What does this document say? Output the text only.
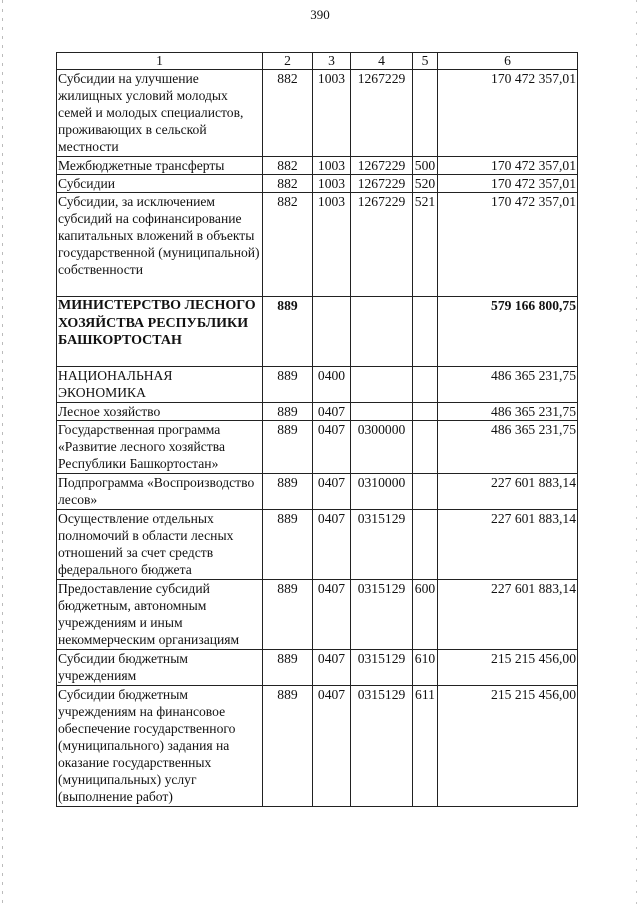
390
1	2	3	4	5	6
Субсидии на улучшение жилищных условий молодых семей и молодых специалистов, проживающих в сельской местности	882	1003	1267229		170 472 357,01
Межбюджетные трансферты	882	1003	1267229	500	170 472 357,01
Субсидии	882	1003	1267229	520	170 472 357,01
Субсидии, за исключением субсидий на софинансирование капитальных вложений в объекты государственной (муниципальной) собственности	882	1003	1267229	521	170 472 357,01
МИНИСТЕРСТВО ЛЕСНОГО ХОЗЯЙСТВА РЕСПУБЛИКИ БАШКОРТОСТАН	889				579 166 800,75
НАЦИОНАЛЬНАЯ ЭКОНОМИКА	889	0400			486 365 231,75
Лесное хозяйство	889	0407			486 365 231,75
Государственная программа «Развитие лесного хозяйства Республики Башкортостан»	889	0407	0300000		486 365 231,75
Подпрограмма «Воспроизводство лесов»	889	0407	0310000		227 601 883,14
Осуществление отдельных полномочий в области лесных отношений за счет средств федерального бюджета	889	0407	0315129		227 601 883,14
Предоставление субсидий бюджетным, автономным учреждениям и иным некоммерческим организациям	889	0407	0315129	600	227 601 883,14
Субсидии бюджетным учреждениям	889	0407	0315129	610	215 215 456,00
Субсидии бюджетным учреждениям на финансовое обеспечение государственного (муниципального) задания на оказание государственных (муниципальных) услуг (выполнение работ)	889	0407	0315129	611	215 215 456,00
